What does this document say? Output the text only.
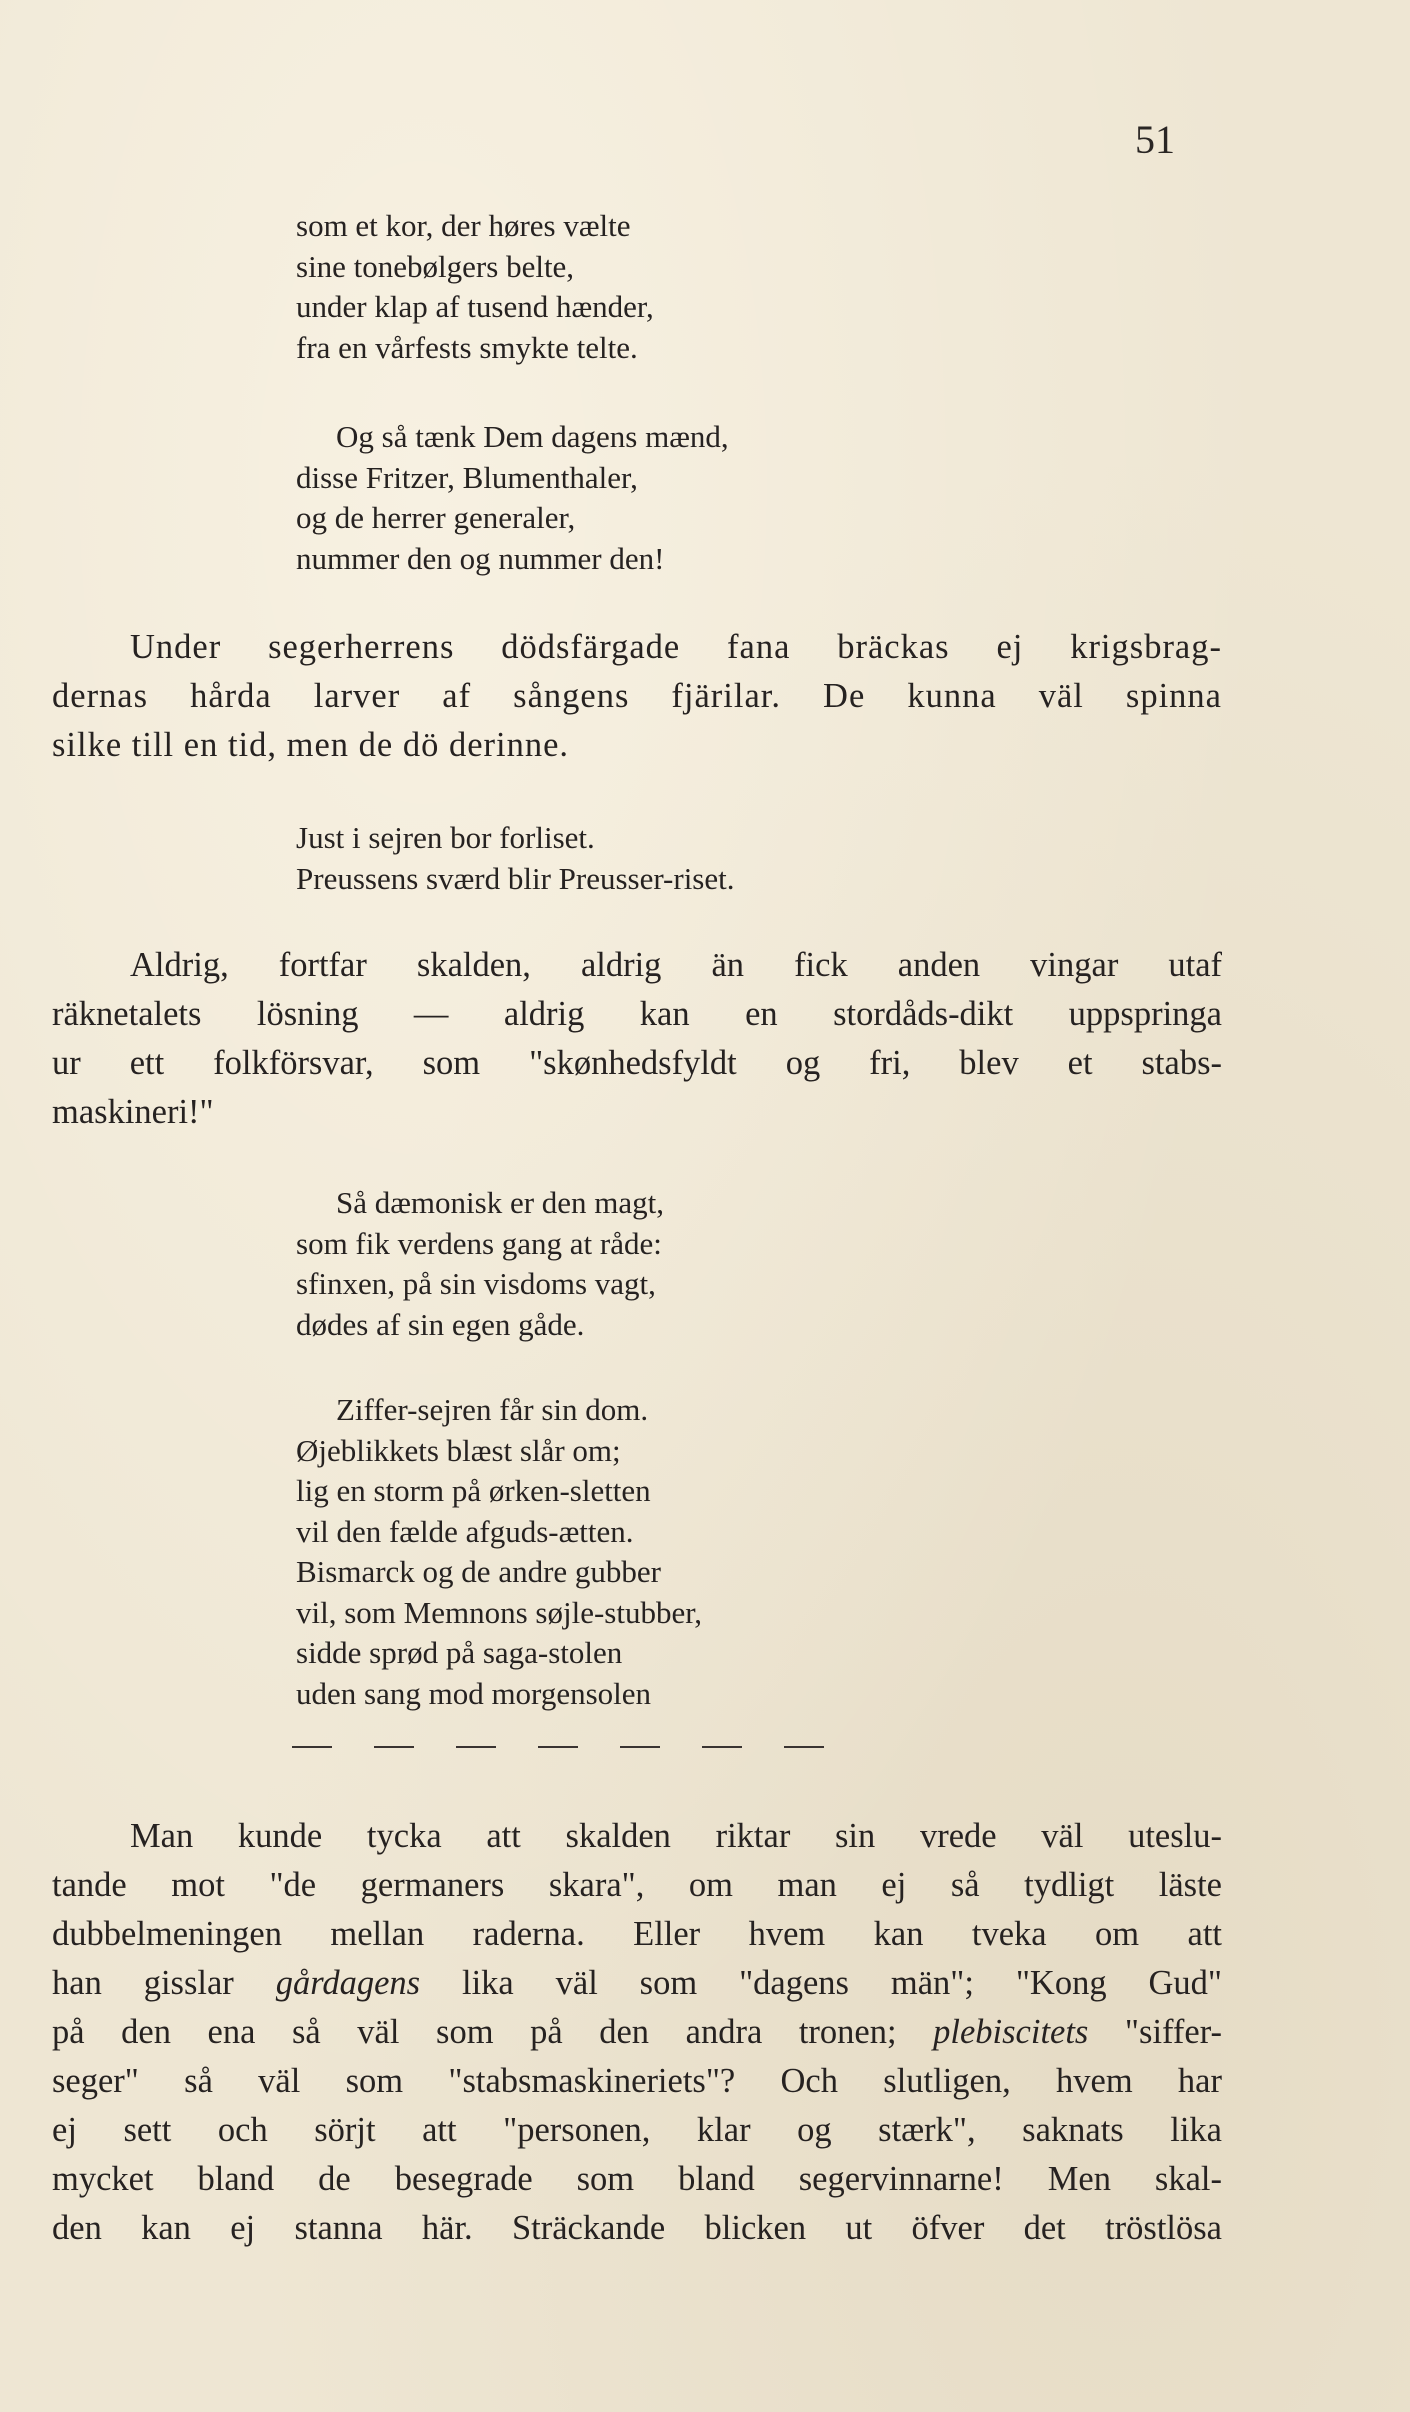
51
som et kor, der høres vælte
sine tonebølgers belte,
under klap af tusend hænder,
fra en vårfests smykte telte.
Og så tænk Dem dagens mænd,
disse Fritzer, Blumenthaler,
og de herrer generaler,
nummer den og nummer den!
Under segerherrens dödsfärgade fana bräckas ej krigsbrag-
dernas hårda larver af sångens fjärilar. De kunna väl spinna
silke till en tid, men de dö derinne.
Just i sejren bor forliset.
Preussens sværd blir Preusser-riset.
Aldrig, fortfar skalden, aldrig än fick anden vingar utaf
räknetalets lösning — aldrig kan en stordåds-dikt uppspringa
ur ett folkförsvar, som "skønhedsfyldt og fri, blev et stabs-
maskineri!"
Så dæmonisk er den magt,
som fik verdens gang at råde:
sfinxen, på sin visdoms vagt,
dødes af sin egen gåde.
Ziffer-sejren får sin dom.
Øjeblikkets blæst slår om;
lig en storm på ørken-sletten
vil den fælde afguds-ætten.
Bismarck og de andre gubber
vil, som Memnons søjle-stubber,
sidde sprød på saga-stolen
uden sang mod morgensolen
Man kunde tycka att skalden riktar sin vrede väl uteslu-
tande mot "de germaners skara", om man ej så tydligt läste
dubbelmeningen mellan raderna. Eller hvem kan tveka om att
han gisslar gårdagens lika väl som "dagens män"; "Kong Gud"
på den ena så väl som på den andra tronen; plebiscitets "siffer-
seger" så väl som "stabsmaskineriets"? Och slutligen, hvem har
ej sett och sörjt att "personen, klar og stærk", saknats lika
mycket bland de besegrade som bland segervinnarne! Men skal-
den kan ej stanna här. Sträckande blicken ut öfver det tröstlösa
